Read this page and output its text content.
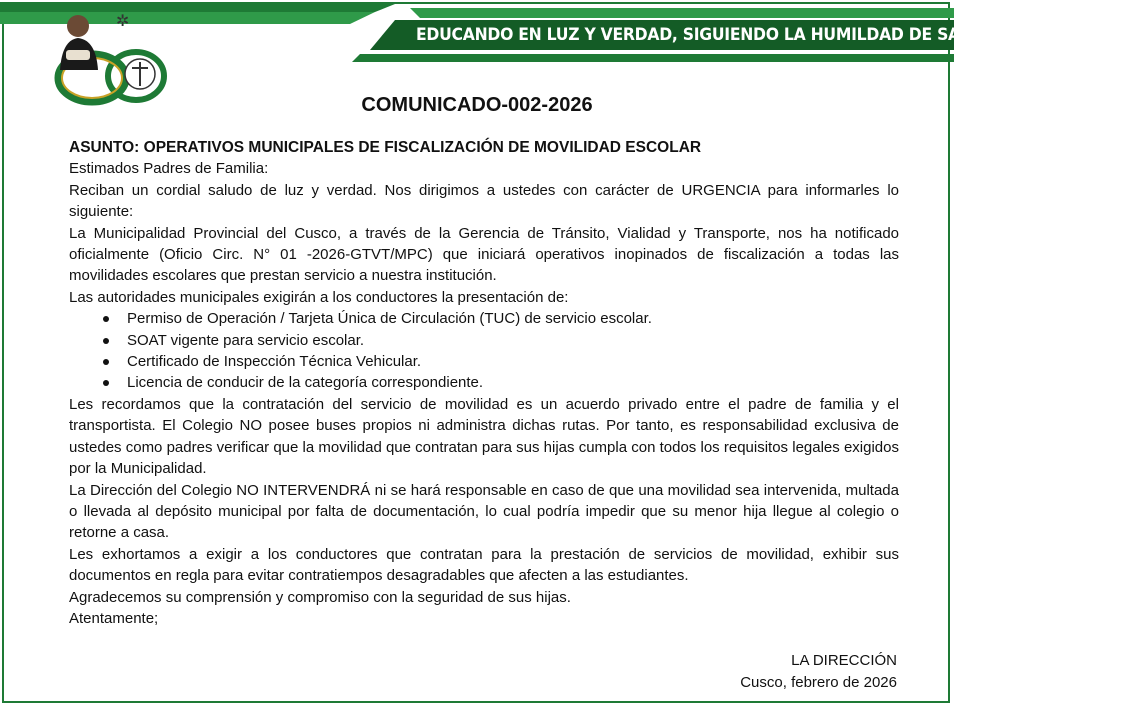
EDUCANDO EN LUZ Y VERDAD, SIGUIENDO LA HUMILDAD DE SAN MARTÍN DE PORRES
✲
COMUNICADO-002-2026

ASUNTO: OPERATIVOS MUNICIPALES DE FISCALIZACIÓN DE MOVILIDAD ESCOLAR

Estimados Padres de Familia:

Reciban un cordial saludo de luz y verdad. Nos dirigimos a ustedes con carácter de URGENCIA para informarles lo siguiente:

La Municipalidad Provincial del Cusco, a través de la Gerencia de Tránsito, Vialidad y Transporte, nos ha notificado oficialmente (Oficio Circ. N° 01 -2026-GTVT/MPC) que iniciará operativos inopinados de fiscalización a todas las movilidades escolares que prestan servicio a nuestra institución.

Las autoridades municipales exigirán a los conductores la presentación de:

Permiso de Operación / Tarjeta Única de Circulación (TUC) de servicio escolar.
SOAT vigente para servicio escolar.
Certificado de Inspección Técnica Vehicular.
Licencia de conducir de la categoría correspondiente.

Les recordamos que la contratación del servicio de movilidad es un acuerdo privado entre el padre de familia y el transportista. El Colegio NO posee buses propios ni administra dichas rutas. Por tanto, es responsabilidad exclusiva de ustedes como padres verificar que la movilidad que contratan para sus hijas cumpla con todos los requisitos legales exigidos por la Municipalidad.

La Dirección del Colegio NO INTERVENDRÁ ni se hará responsable en caso de que una movilidad sea intervenida, multada o llevada al depósito municipal por falta de documentación, lo cual podría impedir que su menor hija llegue al colegio o retorne a casa.

Les exhortamos a exigir a los conductores que contratan para la prestación de servicios de movilidad, exhibir sus documentos en regla para evitar contratiempos desagradables que afecten a las estudiantes.

Agradecemos su comprensión y compromiso con la seguridad de sus hijas.

Atentamente;

LA DIRECCIÓN
Cusco, febrero de 2026
